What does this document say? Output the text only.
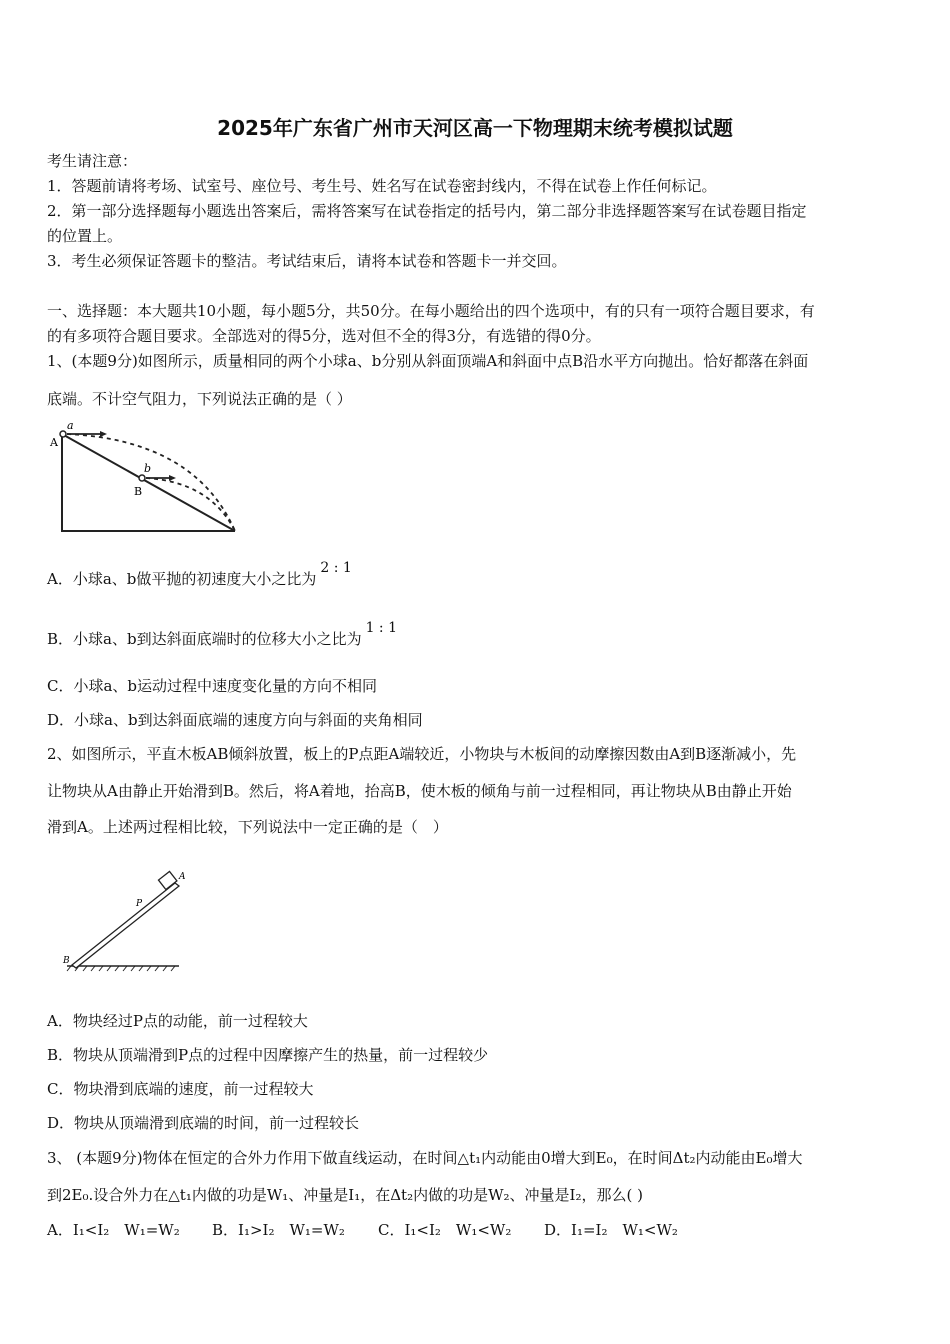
2025年广东省广州市天河区高一下物理期末统考模拟试题
考生请注意：
1．答题前请将考场、试室号、座位号、考生号、姓名写在试卷密封线内，不得在试卷上作任何标记。
2．第一部分选择题每小题选出答案后，需将答案写在试卷指定的括号内，第二部分非选择题答案写在试卷题目指定
的位置上。
3．考生必须保证答题卡的整洁。考试结束后，请将本试卷和答题卡一并交回。
一、选择题：本大题共10小题，每小题5分，共50分。在每小题给出的四个选项中，有的只有一项符合题目要求，有
的有多项符合题目要求。全部选对的得5分，选对但不全的得3分，有选错的得0分。
1、(本题9分)如图所示，质量相同的两个小球a、b分别从斜面顶端A和斜面中点B沿水平方向抛出。恰好都落在斜面
底端。不计空气阻力，下列说法正确的是（ ）
a
A
b
B
A．小球a、b做平抛的初速度大小之比为2 : 1
B．小球a、b到达斜面底端时的位移大小之比为1 : 1
C．小球a、b运动过程中速度变化量的方向不相同
D．小球a、b到达斜面底端的速度方向与斜面的夹角相同
2、如图所示，平直木板AB倾斜放置，板上的P点距A端较近，小物块与木板间的动摩擦因数由A到B逐渐减小，先
让物块从A由静止开始滑到B。然后，将A着地，抬高B，使木板的倾角与前一过程相同，再让物块从B由静止开始
滑到A。上述两过程相比较，下列说法中一定正确的是（　）
P
A
B
A．物块经过P点的动能，前一过程较大
B．物块从顶端滑到P点的过程中因摩擦产生的热量，前一过程较少
C．物块滑到底端的速度，前一过程较大
D．物块从顶端滑到底端的时间，前一过程较长
3、 (本题9分)物体在恒定的合外力作用下做直线运动，在时间△t₁内动能由0增大到E₀，在时间Δt₂内动能由E₀增大
到2E₀.设合外力在△t₁内做的功是W₁、冲量是I₁，在Δt₂内做的功是W₂、冲量是I₂，那么( )
A．I₁<I₂　W₁=W₂	B．I₁>I₂　W₁=W₂	C．I₁<I₂　W₁<W₂	D．I₁=I₂　W₁<W₂
